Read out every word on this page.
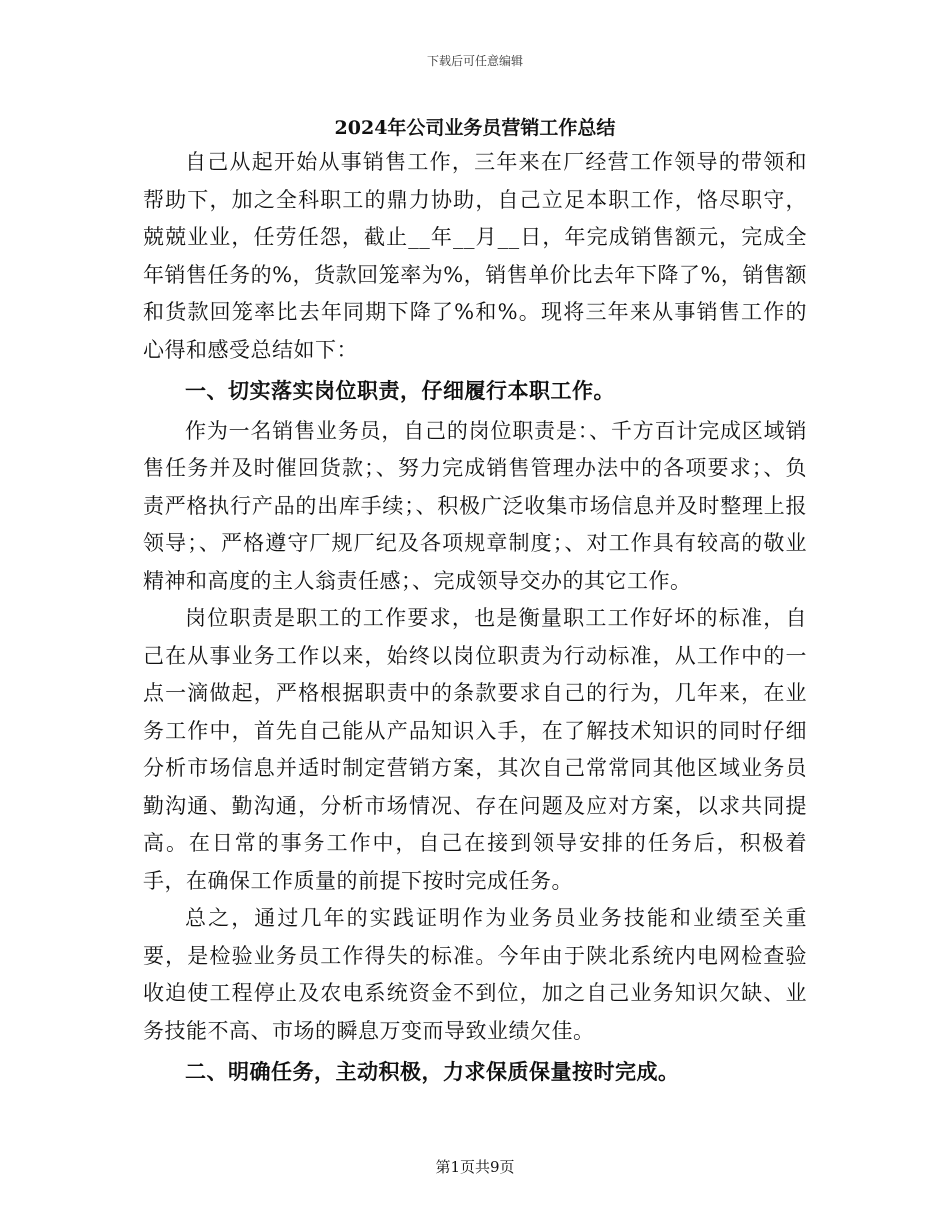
下载后可任意编辑
2024年公司业务员营销工作总结

自己从起开始从事销售工作，三年来在厂经营工作领导的带领和帮助下，加之全科职工的鼎力协助，自己立足本职工作，恪尽职守，兢兢业业，任劳任怨，截止__年__月__日，年完成销售额元，完成全年销售任务的%，货款回笼率为%，销售单价比去年下降了%，销售额和货款回笼率比去年同期下降了%和%。现将三年来从事销售工作的心得和感受总结如下：

一、切实落实岗位职责，仔细履行本职工作。

作为一名销售业务员，自己的岗位职责是：、千方百计完成区域销售任务并及时催回货款；、努力完成销售管理办法中的各项要求；、负责严格执行产品的出库手续；、积极广泛收集市场信息并及时整理上报领导；、严格遵守厂规厂纪及各项规章制度；、对工作具有较高的敬业精神和高度的主人翁责任感；、完成领导交办的其它工作。

岗位职责是职工的工作要求，也是衡量职工工作好坏的标准，自己在从事业务工作以来，始终以岗位职责为行动标准，从工作中的一点一滴做起，严格根据职责中的条款要求自己的行为，几年来，在业务工作中，首先自己能从产品知识入手，在了解技术知识的同时仔细分析市场信息并适时制定营销方案，其次自己常常同其他区域业务员勤沟通、勤沟通，分析市场情况、存在问题及应对方案，以求共同提高。在日常的事务工作中，自己在接到领导安排的任务后，积极着手，在确保工作质量的前提下按时完成任务。

总之，通过几年的实践证明作为业务员业务技能和业绩至关重要，是检验业务员工作得失的标准。今年由于陕北系统内电网检查验收迫使工程停止及农电系统资金不到位，加之自己业务知识欠缺、业务技能不高、市场的瞬息万变而导致业绩欠佳。

二、明确任务，主动积极，力求保质保量按时完成。

第1页共9页
